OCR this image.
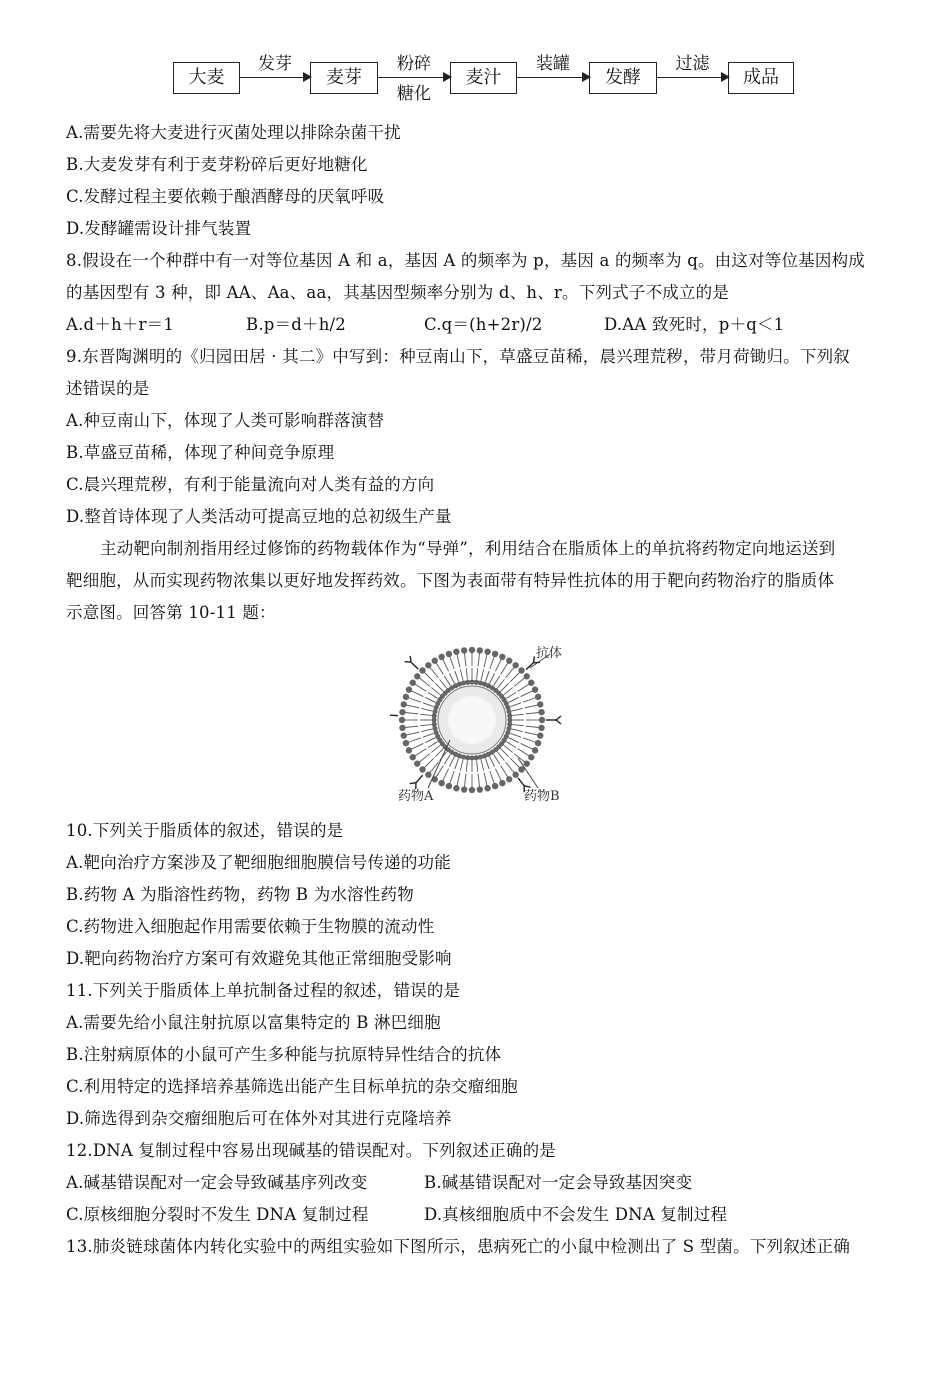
大麦
发芽
麦芽
粉碎
糖化
麦汁
装罐
发酵
过滤
成品
A.需要先将大麦进行灭菌处理以排除杂菌干扰
B.大麦发芽有利于麦芽粉碎后更好地糖化
C.发酵过程主要依赖于酿酒酵母的厌氧呼吸
D.发酵罐需设计排气装置
8.假设在一个种群中有一对等位基因 A 和 a，基因 A 的频率为 p，基因 a 的频率为 q。由这对等位基因构成
的基因型有 3 种，即 AA、Aa、aa，其基因型频率分别为 d、h、r。下列式子不成立的是
A.d＋h＋r＝1	B.p＝d＋h/2	C.q＝(h+2r)/2	D.AA 致死时，p＋q＜1
9.东晋陶渊明的《归园田居 · 其二》中写到：种豆南山下，草盛豆苗稀，晨兴理荒秽，带月荷锄归。下列叙
述错误的是
A.种豆南山下，体现了人类可影响群落演替
B.草盛豆苗稀，体现了种间竞争原理
C.晨兴理荒秽，有利于能量流向对人类有益的方向
D.整首诗体现了人类活动可提高豆地的总初级生产量
主动靶向制剂指用经过修饰的药物载体作为“导弹”，利用结合在脂质体上的单抗将药物定向地运送到
靶细胞，从而实现药物浓集以更好地发挥药效。下图为表面带有特异性抗体的用于靶向药物治疗的脂质体
示意图。回答第 10-11 题：
抗体
药物A	药物B
10.下列关于脂质体的叙述，错误的是
A.靶向治疗方案涉及了靶细胞细胞膜信号传递的功能
B.药物 A 为脂溶性药物，药物 B 为水溶性药物
C.药物进入细胞起作用需要依赖于生物膜的流动性
D.靶向药物治疗方案可有效避免其他正常细胞受影响
11.下列关于脂质体上单抗制备过程的叙述，错误的是
A.需要先给小鼠注射抗原以富集特定的 B 淋巴细胞
B.注射病原体的小鼠可产生多种能与抗原特异性结合的抗体
C.利用特定的选择培养基筛选出能产生目标单抗的杂交瘤细胞
D.筛选得到杂交瘤细胞后可在体外对其进行克隆培养
12.DNA 复制过程中容易出现碱基的错误配对。下列叙述正确的是
A.碱基错误配对一定会导致碱基序列改变	B.碱基错误配对一定会导致基因突变
C.原核细胞分裂时不发生 DNA 复制过程	D.真核细胞质中不会发生 DNA 复制过程
13.肺炎链球菌体内转化实验中的两组实验如下图所示，患病死亡的小鼠中检测出了 S 型菌。下列叙述正确
